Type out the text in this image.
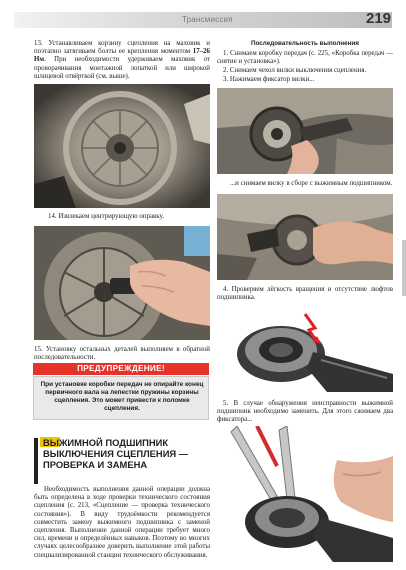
Трансмиссия	219

13. Устанавливаем корзину сцепления на маховик и поэтапно затягиваем болты ее крепления моментом 17–26 Нм. При необходимости удерживаем маховик от проворачивания монтажной лопаткой или широкой шлицевой отвёрткой (см. выше).

14. Извлекаем центрирующую оправку.

15. Установку остальных деталей выполняем в обратной последовательности.

ПРЕДУПРЕЖДЕНИЕ!

При установке коробки передач не опирайте конец первичного вала на лепестки пружины корзины сцепления. Это может привести к поломке сцепления.

ВЫЖИМНОЙ ПОДШИПНИК ВЫКЛЮЧЕНИЯ СЦЕПЛЕНИЯ — ПРОВЕРКА И ЗАМЕНА

Необходимость выполнения данной операции должна быть определена в ходе проверки технического состояния сцепления (с. 213, «Сцепление — проверка технического состояния»). В виду трудоёмкости рекомендуется совместить замену выжимного подшипника с заменой сцепления. Выполнение данной операции требует много сил, времени и определённых навыков. Поэтому во многих случаях целесообразнее доверить выполнение этой работы специализированной станции технического обслуживания.

Последовательность выполнения

1. Снимаем коробку передач (с. 225, «Коробка передач — снятие и установка»).

2. Снимаем чехол вилки выключения сцепления.

3. Нажимаем фиксатор вилки...

...и снимаем вилку в сборе с выжимным подшипником.

4. Проверяем лёгкость вращения и отсутствие люфтов подшипника.

5. В случае обнаружения неисправности выжимной подшипник необходимо заменить. Для этого сжимаем два фиксатора...
